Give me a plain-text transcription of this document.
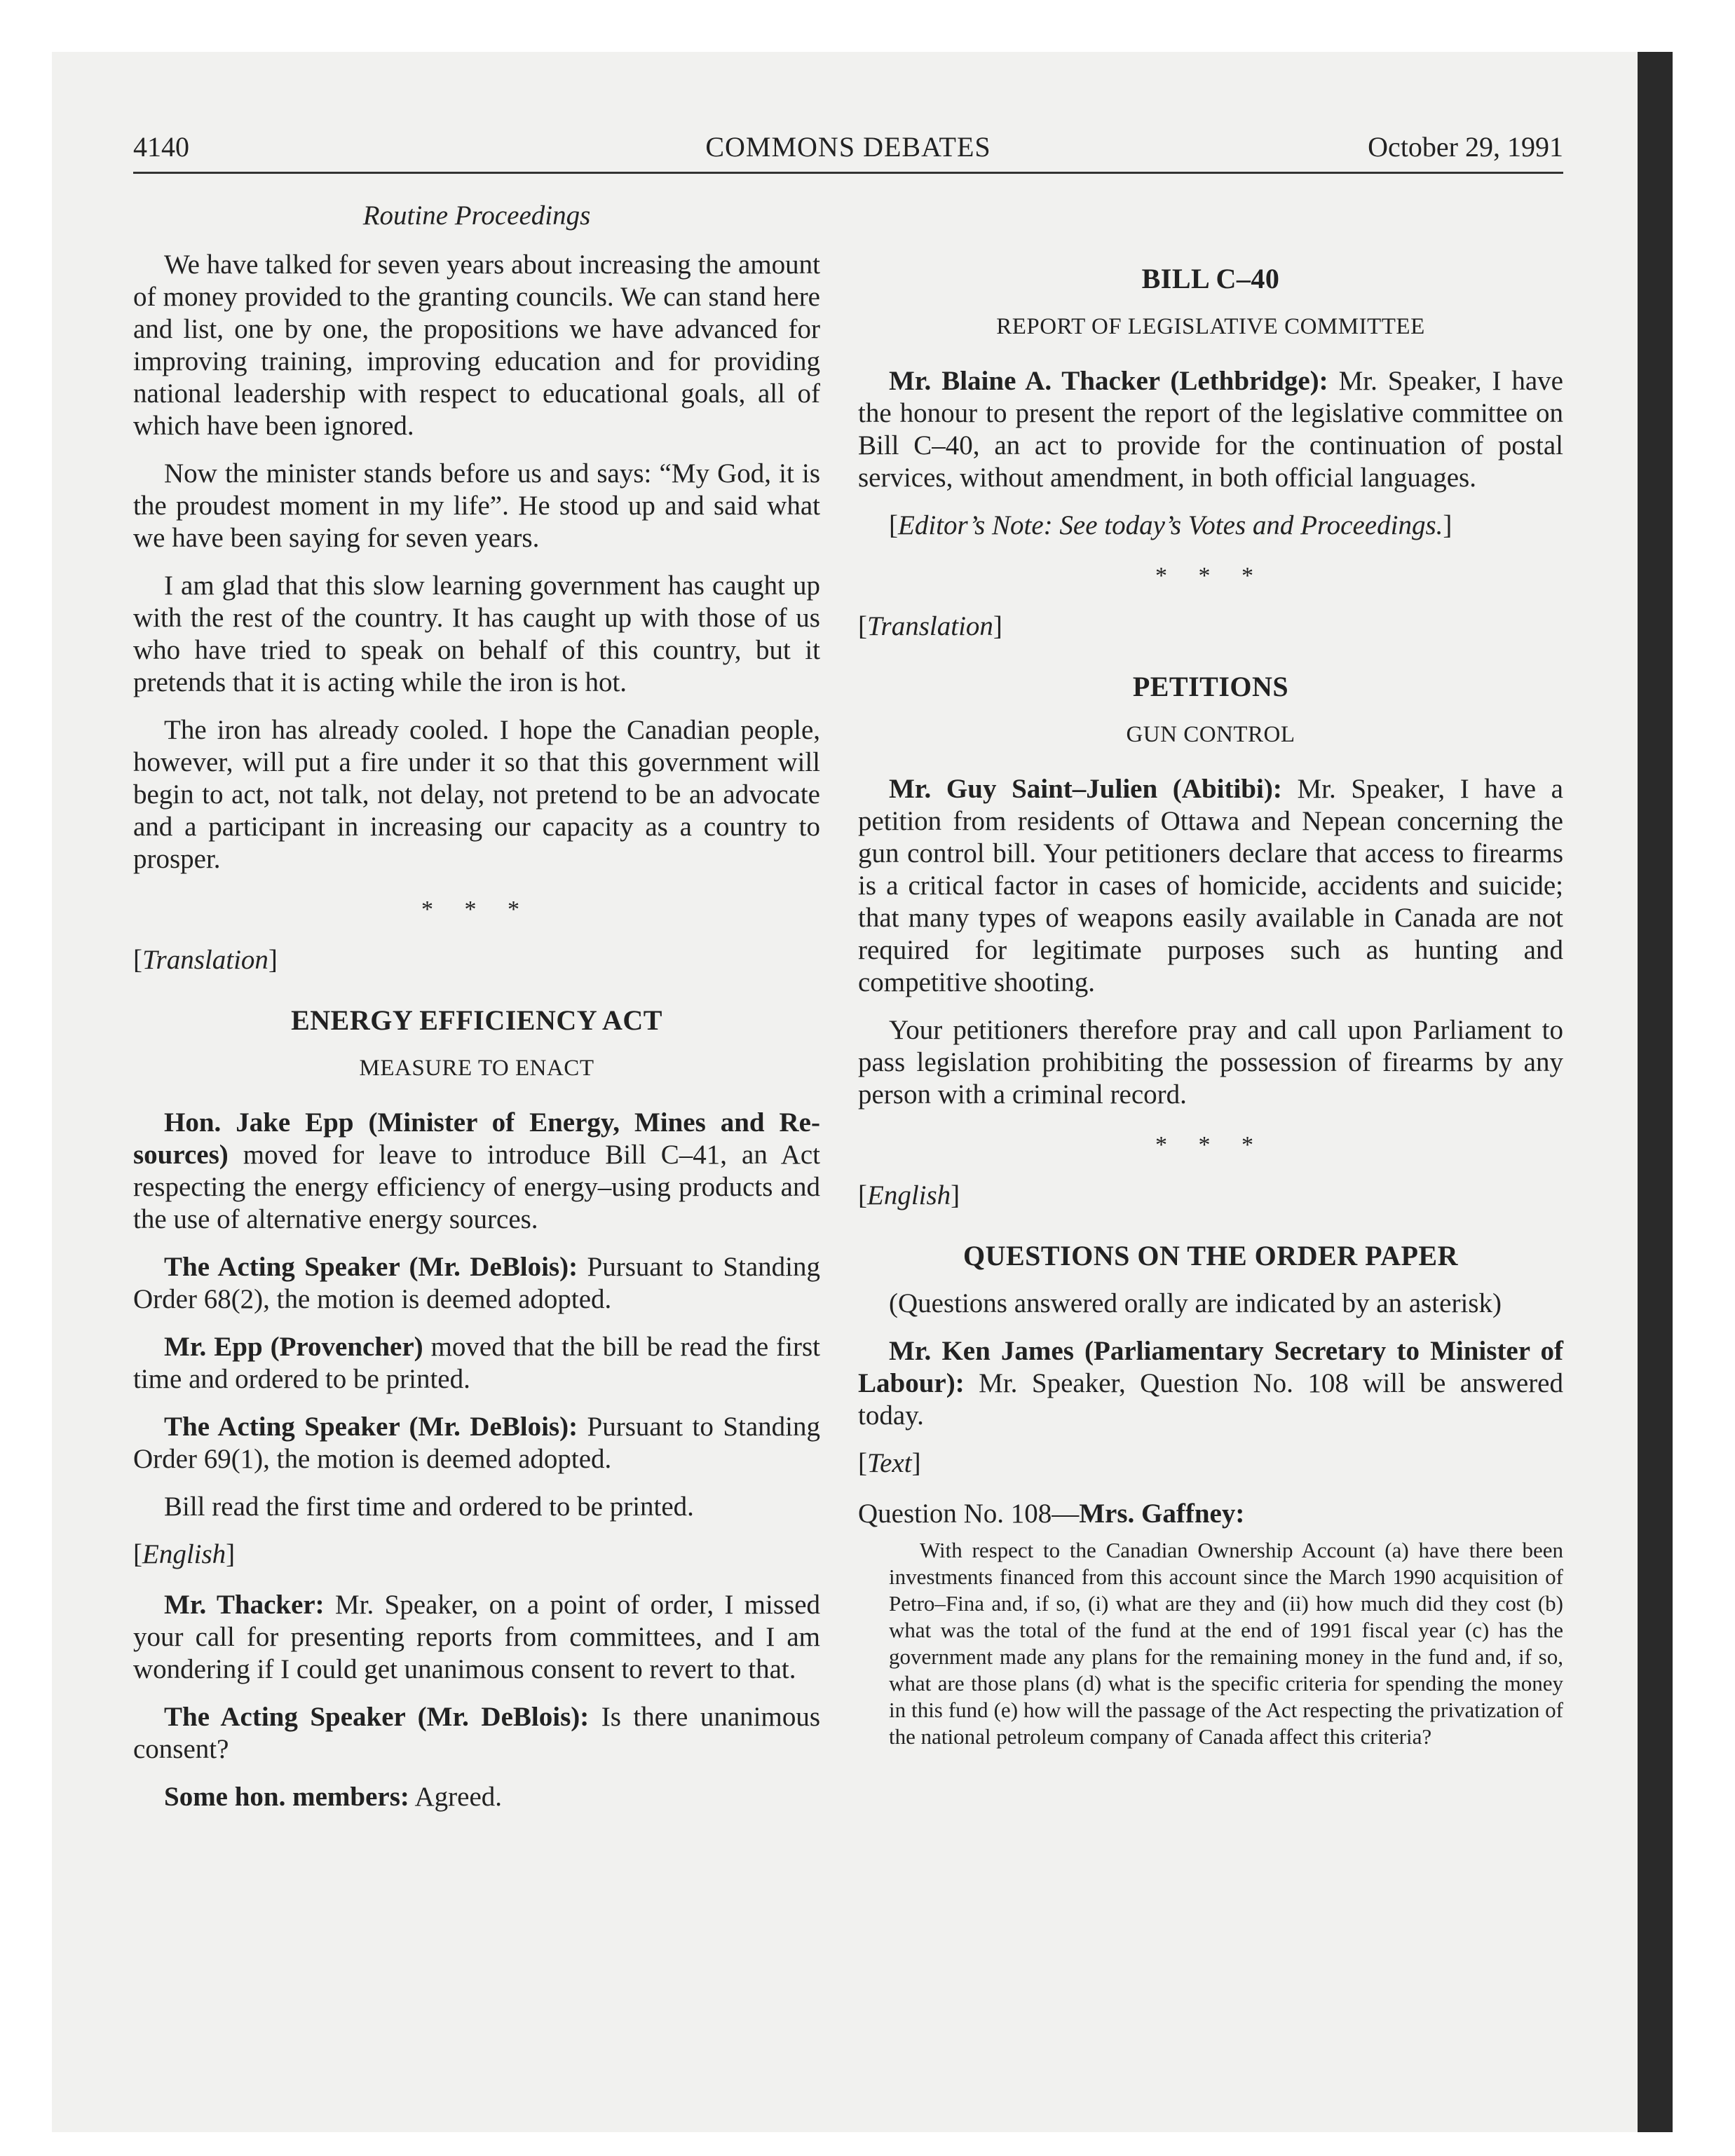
4140	COMMONS DEBATES	October 29, 1991
Routine Proceedings

We have talked for seven years about increasing the amount of money provided to the granting councils. We can stand here and list, one by one, the propositions we have advanced for improving training, improving education and for providing national leadership with respect to educational goals, all of which have been ignored.

Now the minister stands before us and says: “My God, it is the proudest moment in my life”. He stood up and said what we have been saying for seven years.

I am glad that this slow learning government has caught up with the rest of the country. It has caught up with those of us who have tried to speak on behalf of this country, but it pretends that it is acting while the iron is hot.

The iron has already cooled. I hope the Canadian people, however, will put a fire under it so that this government will begin to act, not talk, not delay, not pretend to be an advocate and a participant in increasing our capacity as a country to prosper.

* * *
[Translation]
ENERGY EFFICIENCY ACT
MEASURE TO ENACT

Hon. Jake Epp (Minister of Energy, Mines and Resources) moved for leave to introduce Bill C–41, an Act respecting the energy efficiency of energy–using products and the use of alternative energy sources.

The Acting Speaker (Mr. DeBlois): Pursuant to Standing Order 68(2), the motion is deemed adopted.

Mr. Epp (Provencher) moved that the bill be read the first time and ordered to be printed.

The Acting Speaker (Mr. DeBlois): Pursuant to Standing Order 69(1), the motion is deemed adopted.

Bill read the first time and ordered to be printed.

[English]

Mr. Thacker: Mr. Speaker, on a point of order, I missed your call for presenting reports from committees, and I am wondering if I could get unanimous consent to revert to that.

The Acting Speaker (Mr. DeBlois): Is there unanimous consent?

Some hon. members: Agreed.

BILL C–40
REPORT OF LEGISLATIVE COMMITTEE

Mr. Blaine A. Thacker (Lethbridge): Mr. Speaker, I have the honour to present the report of the legislative committee on Bill C–40, an act to provide for the continuation of postal services, without amendment, in both official languages.

[Editor’s Note: See today’s Votes and Proceedings.]

* * *
[Translation]
PETITIONS
GUN CONTROL

Mr. Guy Saint–Julien (Abitibi): Mr. Speaker, I have a petition from residents of Ottawa and Nepean concerning the gun control bill. Your petitioners declare that access to firearms is a critical factor in cases of homicide, accidents and suicide; that many types of weapons easily available in Canada are not required for legitimate purposes such as hunting and competitive shooting.

Your petitioners therefore pray and call upon Parliament to pass legislation prohibiting the possession of firearms by any person with a criminal record.

* * *
[English]
QUESTIONS ON THE ORDER PAPER

(Questions answered orally are indicated by an asterisk)

Mr. Ken James (Parliamentary Secretary to Minister of Labour): Mr. Speaker, Question No. 108 will be answered today.

[Text]
Question No. 108—Mrs. Gaffney:

With respect to the Canadian Ownership Account (a) have there been investments financed from this account since the March 1990 acquisition of Petro–Fina and, if so, (i) what are they and (ii) how much did they cost (b) what was the total of the fund at the end of 1991 fiscal year (c) has the government made any plans for the remaining money in the fund and, if so, what are those plans (d) what is the specific criteria for spending the money in this fund (e) how will the passage of the Act respecting the privatization of the national petroleum company of Canada affect this criteria?
